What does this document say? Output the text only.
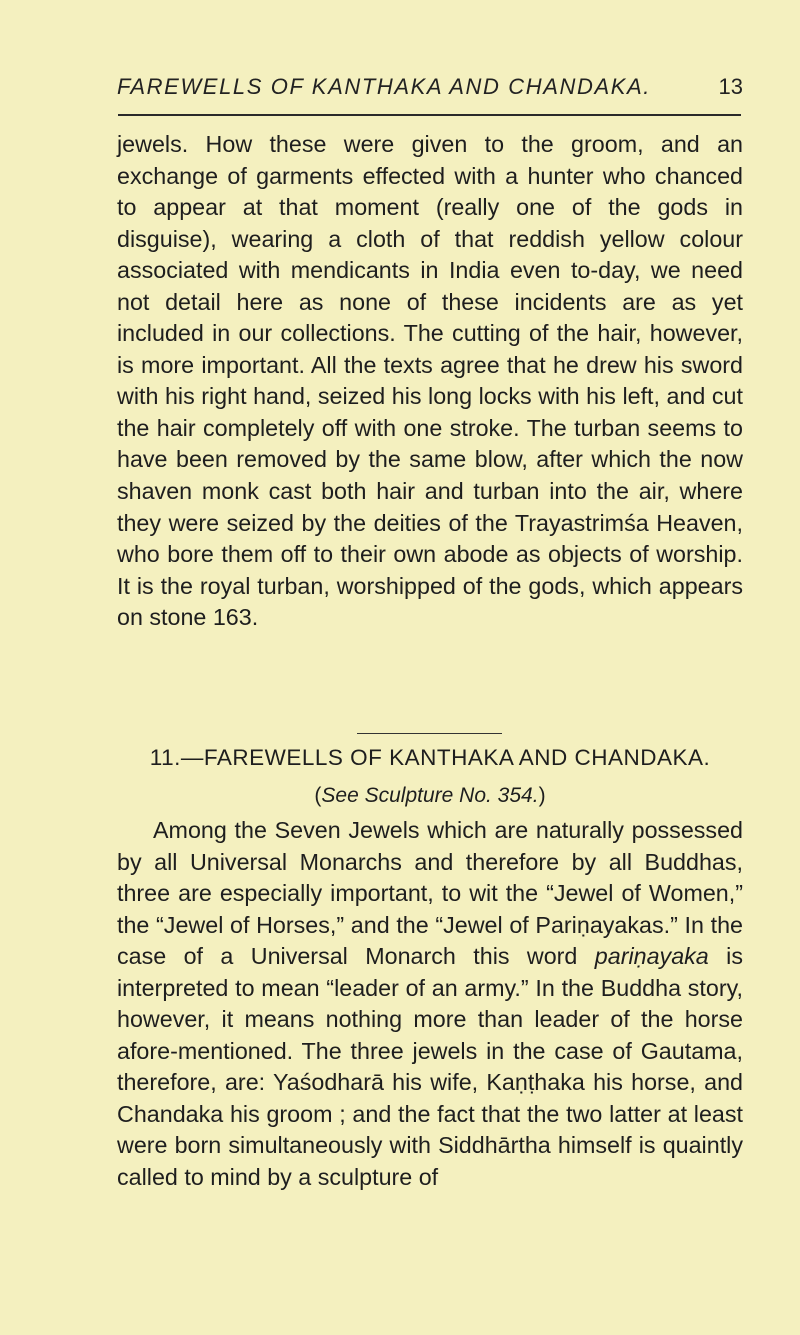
FAREWELLS OF KANTHAKA AND CHANDAKA.	13

jewels. How these were given to the groom, and an exchange of garments effected with a hunter who chanced to appear at that moment (really one of the gods in disguise), wearing a cloth of that reddish yellow colour associated with mendicants in India even to-day, we need not detail here as none of these incidents are as yet included in our collections. The cutting of the hair, however, is more important. All the texts agree that he drew his sword with his right hand, seized his long locks with his left, and cut the hair completely off with one stroke. The turban seems to have been removed by the same blow, after which the now shaven monk cast both hair and turban into the air, where they were seized by the deities of the Trayastrimśa Heaven, who bore them off to their own abode as objects of worship. It is the royal turban, worshipped of the gods, which appears on stone 163.

11.—FAREWELLS OF KANTHAKA AND CHANDAKA.
(See Sculpture No. 354.)

Among the Seven Jewels which are naturally possessed by all Universal Monarchs and therefore by all Buddhas, three are especially important, to wit the “Jewel of Women,” the “Jewel of Horses,” and the “Jewel of Pariṇayakas.” In the case of a Universal Monarch this word pariṇayaka is interpreted to mean “leader of an army.” In the Buddha story, however, it means nothing more than leader of the horse afore-mentioned. The three jewels in the case of Gautama, therefore, are: Yaśodharā his wife, Kaṇṭhaka his horse, and Chandaka his groom ; and the fact that the two latter at least were born simultaneously with Siddhārtha himself is quaintly called to mind by a sculpture of
